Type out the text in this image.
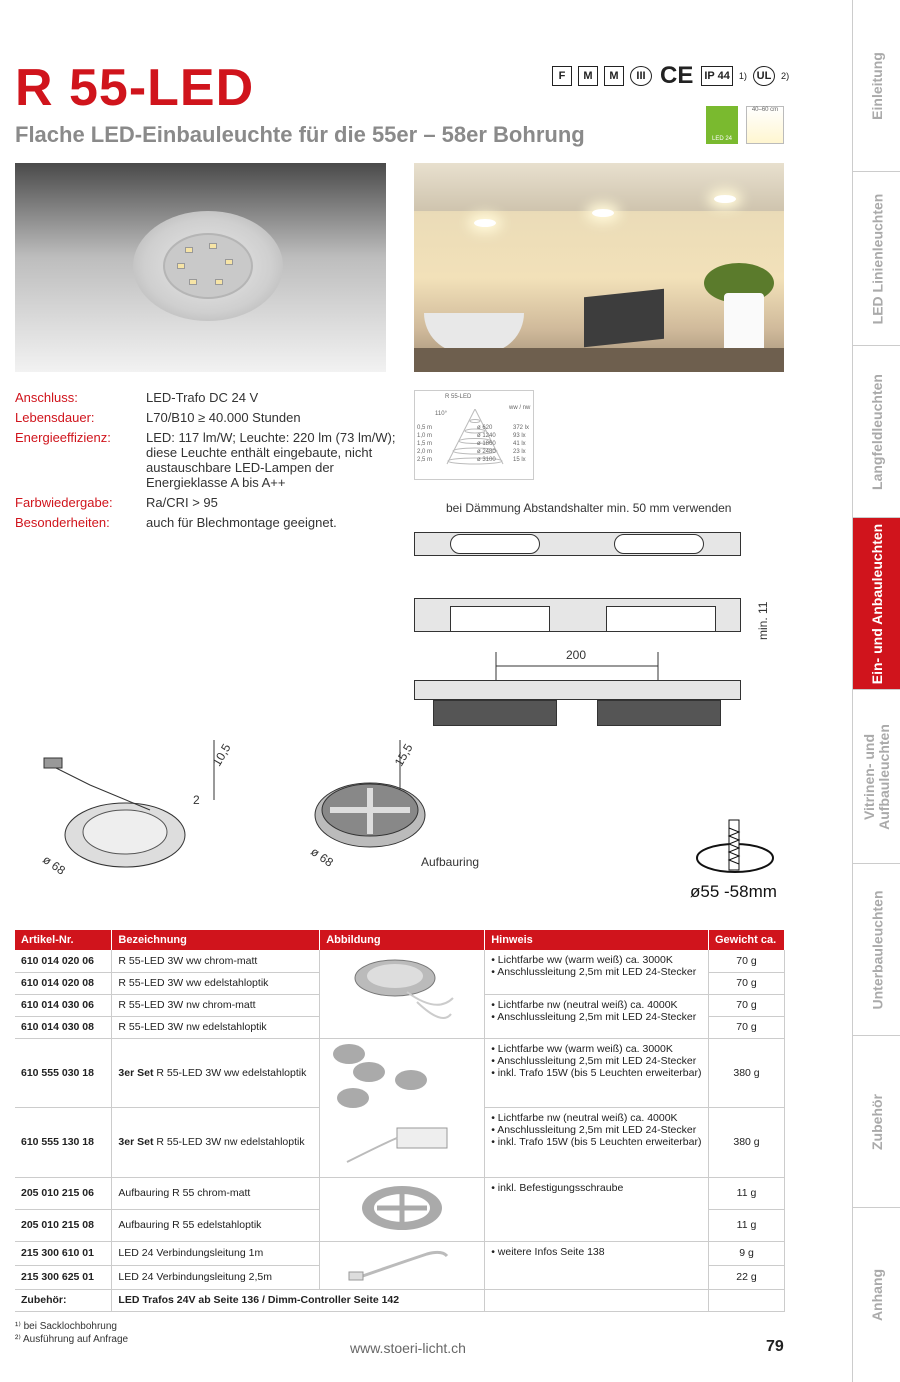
R 55-LED
Flache LED-Einbauleuchte für die 55er – 58er Bohrung
F	M	M	III CE IP 44 1) UL	2)
LED 24
40–60 cm
Anschluss:	LED-Trafo DC 24 V
Lebensdauer:	L70/B10 ≥ 40.000 Stunden
Energieeffizienz:	LED: 117 lm/W; Leuchte: 220 lm (73 lm/W); diese Leuchte enthält eingebaute, nicht austauschbare LED-Lampen der Energieklasse A bis A++
Farbwiedergabe:	Ra/CRI > 95
Besonderheiten:	auch für Blechmontage geeignet.
R 55-LED
110°
ww / nw
0,5 m
1,0 m
1,5 m
2,0 m
2,5 m
ø 620
ø 1240
ø 1860
ø 2480
ø 3100
372 lx
93 lx
41 lx
23 lx
15 lx
bei Dämmung Abstandshalter min. 50 mm verwenden
min. 11
200
10,5
2
ø 68
15,5
ø 68	Aufbauring
ø55 -58mm
Artikel-Nr.	Bezeichnung	Abbildung	Hinweis	Gewicht ca.
610 014 020 06	R 55-LED 3W ww chrom-matt		• Lichtfarbe ww (warm weiß) ca. 3000K
• Anschlussleitung 2,5m mit LED 24-Stecker	70 g
610 014 020 08	R 55-LED 3W ww edelstahloptik			70 g
610 014 030 06	R 55-LED 3W nw chrom-matt		• Lichtfarbe nw (neutral weiß) ca. 4000K
• Anschlussleitung 2,5m mit LED 24-Stecker	70 g
610 014 030 08	R 55-LED 3W nw edelstahloptik			70 g
610 555 030 18	3er Set R 55-LED 3W ww edelstahloptik		• Lichtfarbe ww (warm weiß) ca. 3000K
• Anschlussleitung 2,5m mit LED 24-Stecker
• inkl. Trafo 15W (bis 5 Leuchten erweiterbar)	380 g
610 555 130 18	3er Set R 55-LED 3W nw edelstahloptik		• Lichtfarbe nw (neutral weiß) ca. 4000K
• Anschlussleitung 2,5m mit LED 24-Stecker
• inkl. Trafo 15W (bis 5 Leuchten erweiterbar)	380 g
205 010 215 06	Aufbauring R 55 chrom-matt		• inkl. Befestigungsschraube	11 g
205 010 215 08	Aufbauring R 55 edelstahloptik			11 g
215 300 610 01	LED 24 Verbindungsleitung 1m		• weitere Infos Seite 138	9 g
215 300 625 01	LED 24 Verbindungsleitung 2,5m			22 g
Zubehör:	LED Trafos 24V ab Seite 136 / Dimm-Controller Seite 142			
¹⁾ bei Sacklochbohrung
²⁾ Ausführung auf Anfrage
www.stoeri-licht.ch	79
Einleitung
LED Linienleuchten
Langfeldleuchten
Ein- und Anbauleuchten
Vitrinen- und
Aufbauleuchten
Unterbauleuchten
Zubehör
Anhang
